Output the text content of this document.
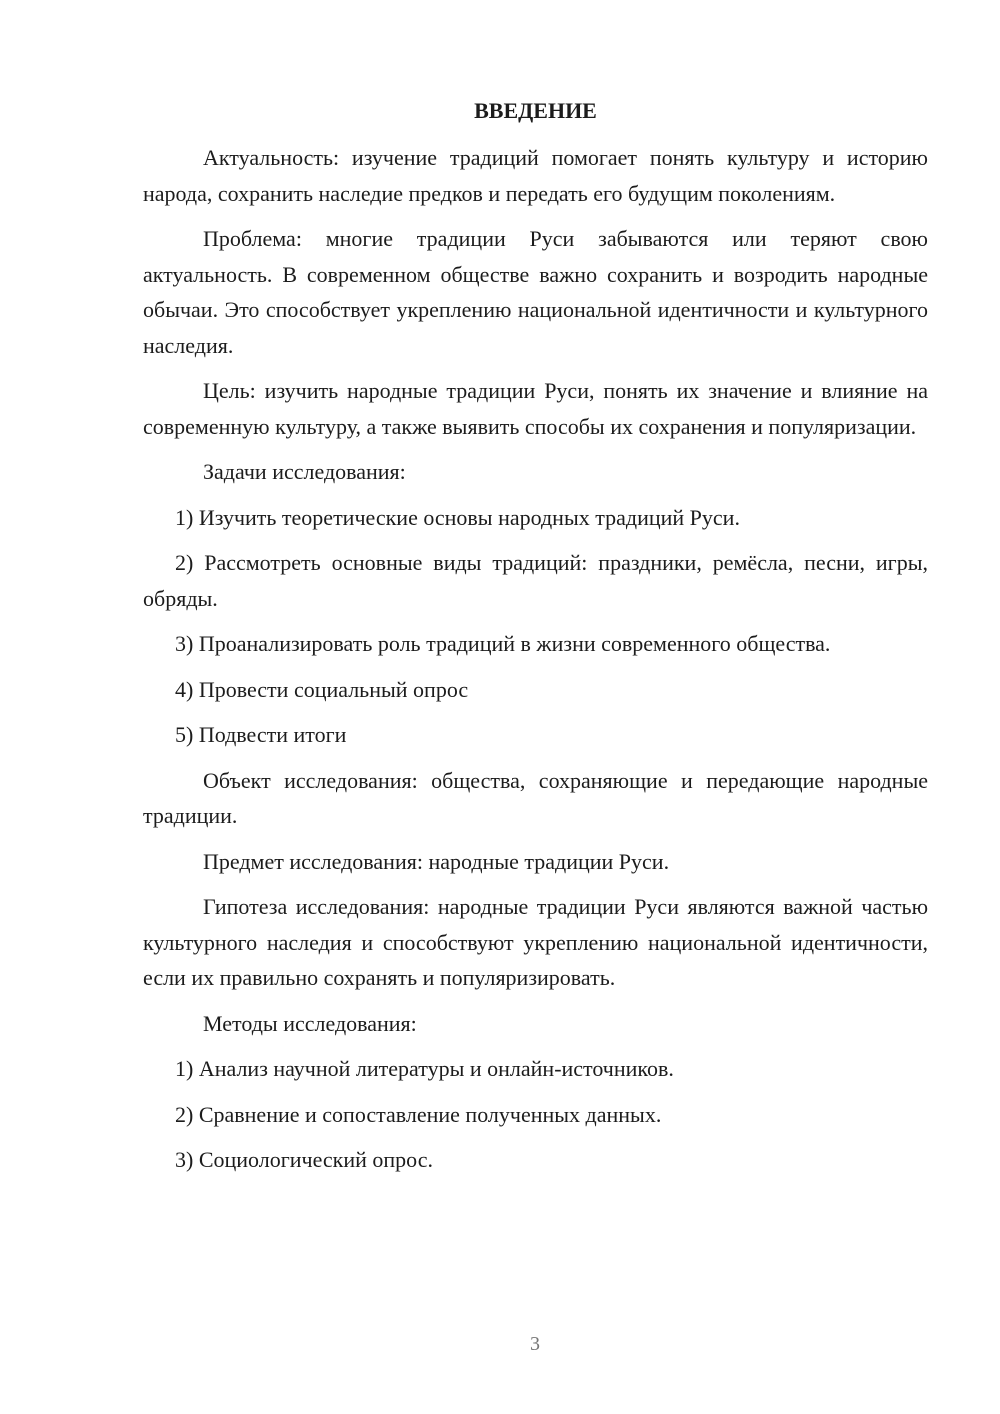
ВВЕДЕНИЕ

Актуальность: изучение традиций помогает понять культуру и историю народа, сохранить наследие предков и передать его будущим поколениям.

Проблема: многие традиции Руси забываются или теряют свою актуальность. В современном обществе важно сохранить и возродить народные обычаи. Это способствует укреплению национальной идентичности и культурного наследия.

Цель: изучить народные традиции Руси, понять их значение и влияние на современную культуру, а также выявить способы их сохранения и популяризации.

Задачи исследования:

1) Изучить теоретические основы народных традиций Руси.

2) Рассмотреть основные виды традиций: праздники, ремёсла, песни, игры, обряды.

3) Проанализировать роль традиций в жизни современного общества.

4) Провести социальный опрос

5) Подвести итоги

Объект исследования: общества, сохраняющие и передающие народные традиции.

Предмет исследования: народные традиции Руси.

Гипотеза исследования: народные традиции Руси являются важной частью культурного наследия и способствуют укреплению национальной идентичности, если их правильно сохранять и популяризировать.

Методы исследования:

1) Анализ научной литературы и онлайн-источников.

2) Сравнение и сопоставление полученных данных.

3) Социологический опрос.

3
